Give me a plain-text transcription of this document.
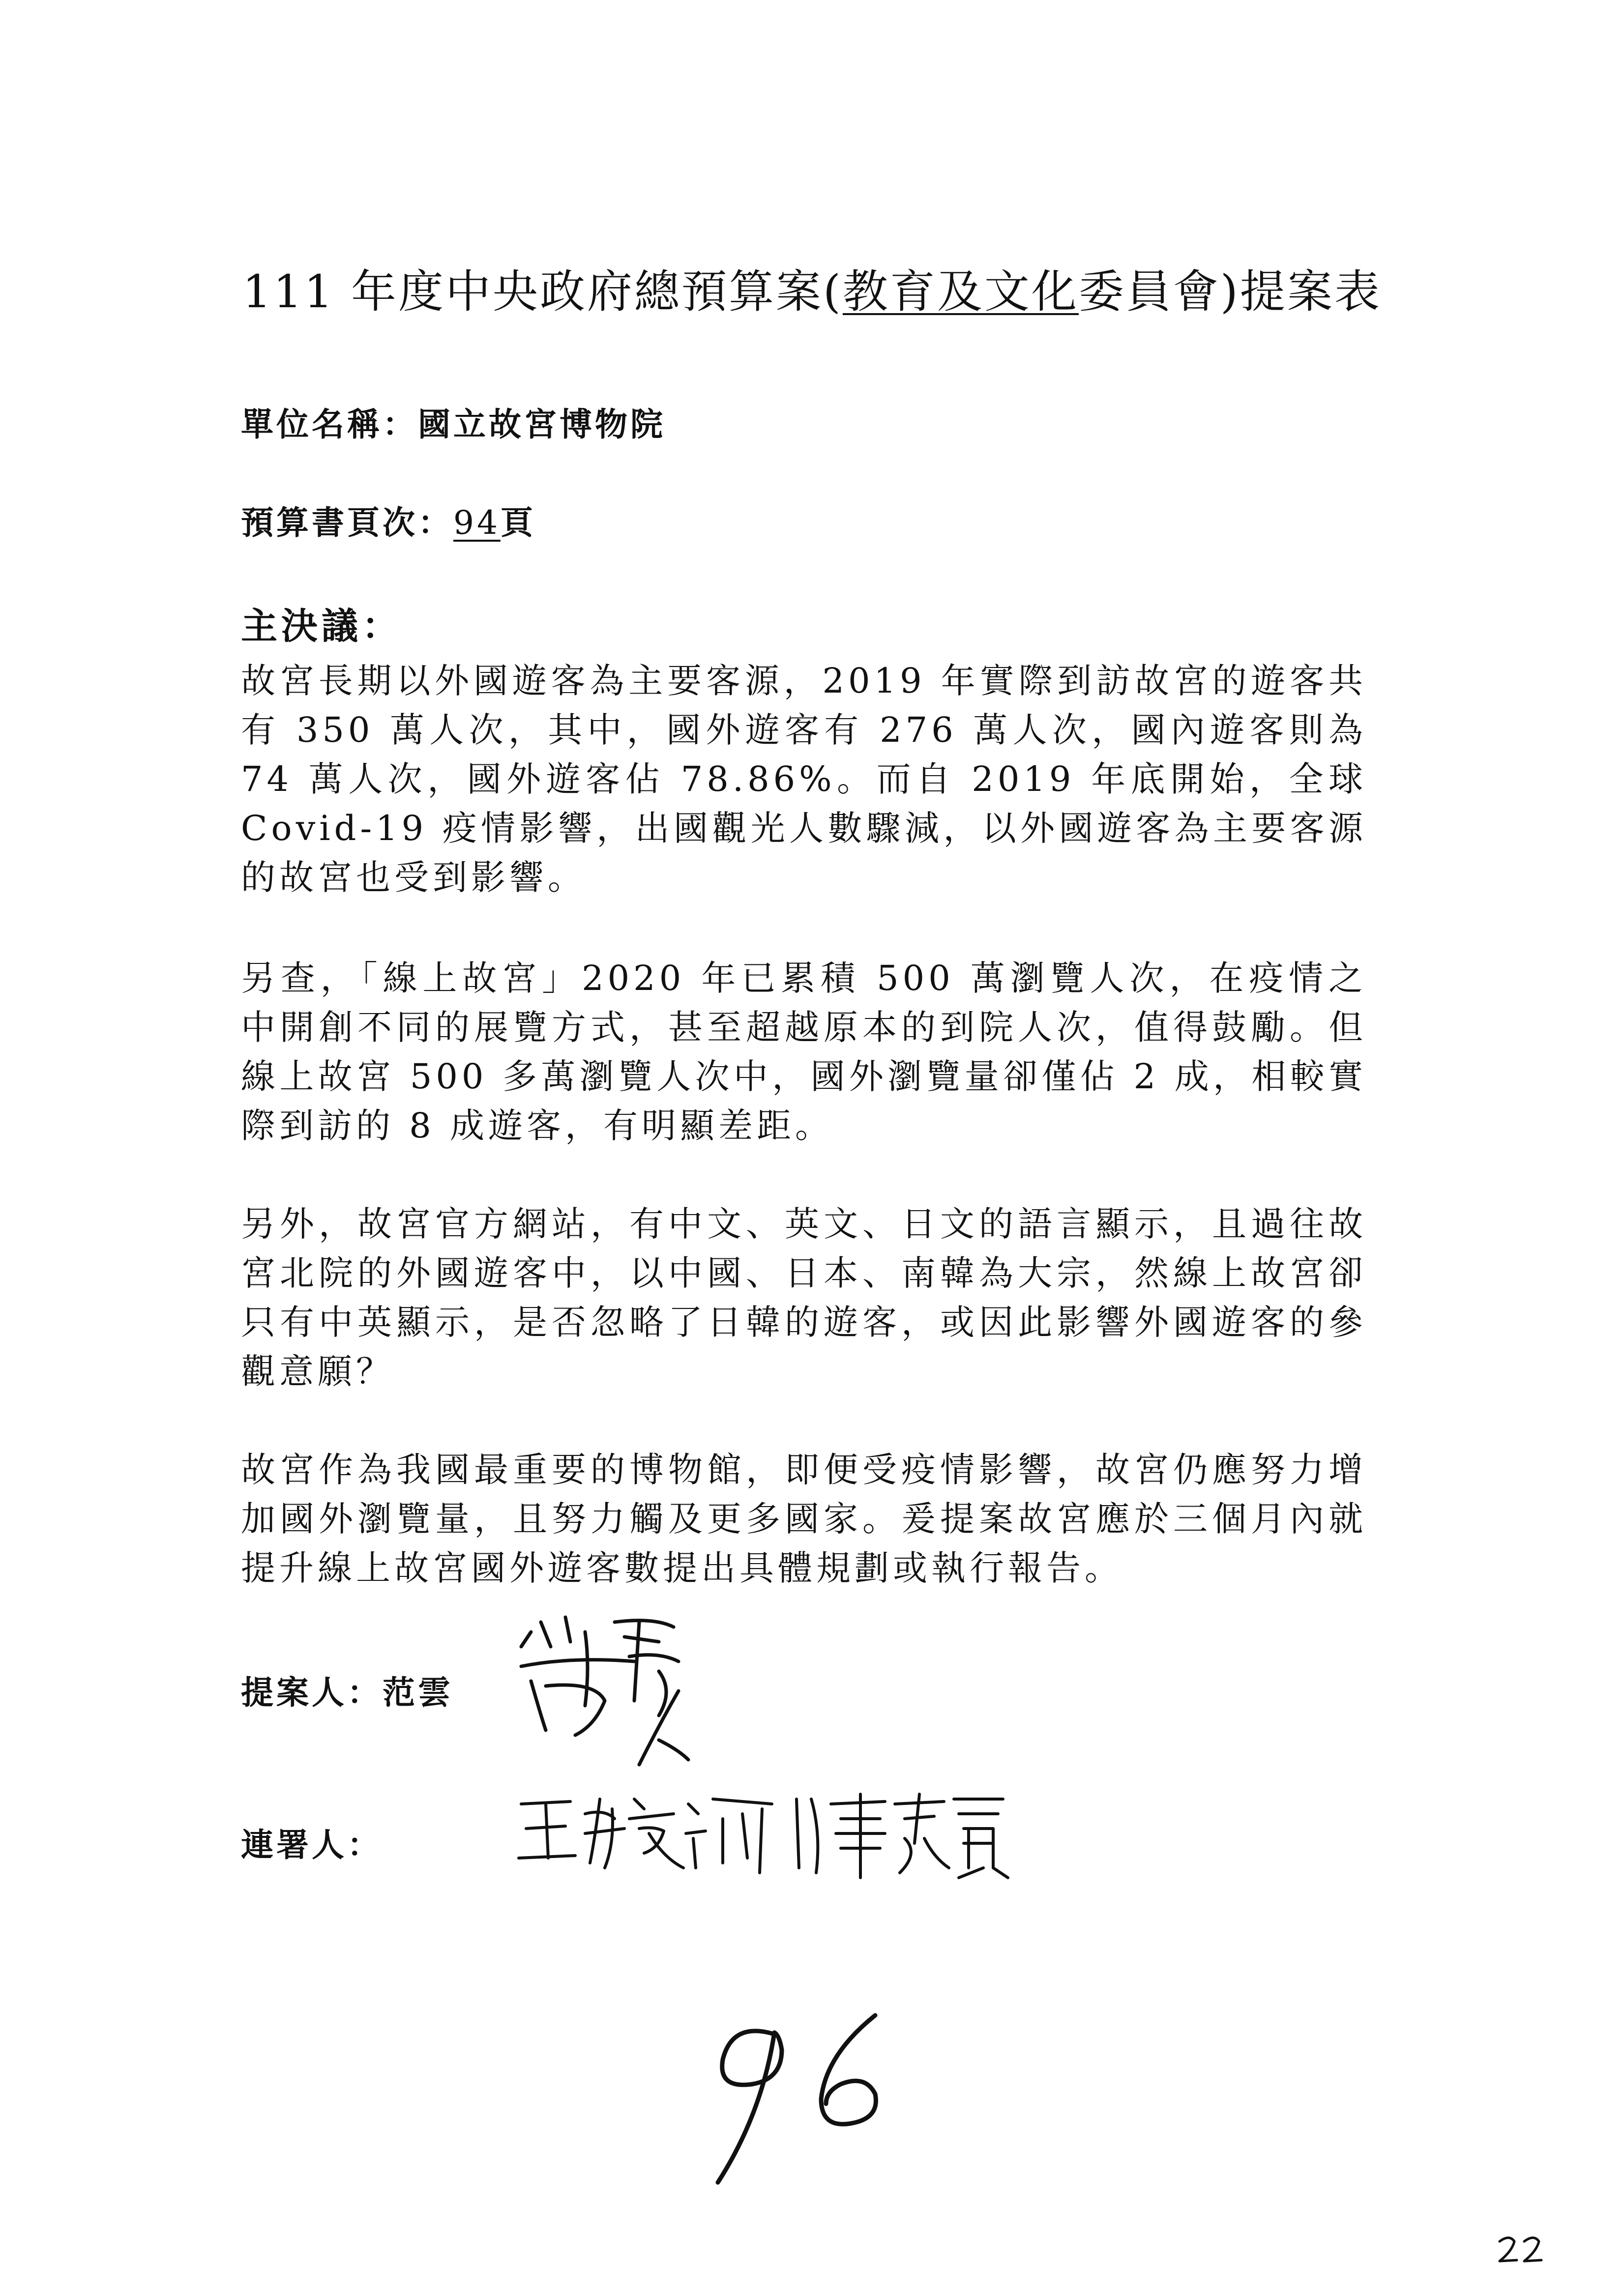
111 年度中央政府總預算案(教育及文化委員會)提案表
單位名稱：國立故宮博物院
預算書頁次：94頁
主決議：
故宮長期以外國遊客為主要客源，2019 年實際到訪故宮的遊客共有 350 萬人次，其中，國外遊客有 276 萬人次，國內遊客則為 74 萬人次，國外遊客佔 78.86%。而自 2019 年底開始，全球 Covid-19 疫情影響，出國觀光人數驟減，以外國遊客為主要客源的故宮也受到影響。
另查，「線上故宮」2020 年已累積 500 萬瀏覽人次，在疫情之中開創不同的展覽方式，甚至超越原本的到院人次，值得鼓勵。但線上故宮 500 多萬瀏覽人次中，國外瀏覽量卻僅佔 2 成，相較實際到訪的 8 成遊客，有明顯差距。
另外，故宮官方網站，有中文、英文、日文的語言顯示，且過往故宮北院的外國遊客中，以中國、日本、南韓為大宗，然線上故宮卻只有中英顯示，是否忽略了日韓的遊客，或因此影響外國遊客的參觀意願？
故宮作為我國最重要的博物館，即便受疫情影響，故宮仍應努力增加國外瀏覽量，且努力觸及更多國家。爰提案故宮應於三個月內就提升線上故宮國外遊客數提出具體規劃或執行報告。
提案人：范雲
連署人：
